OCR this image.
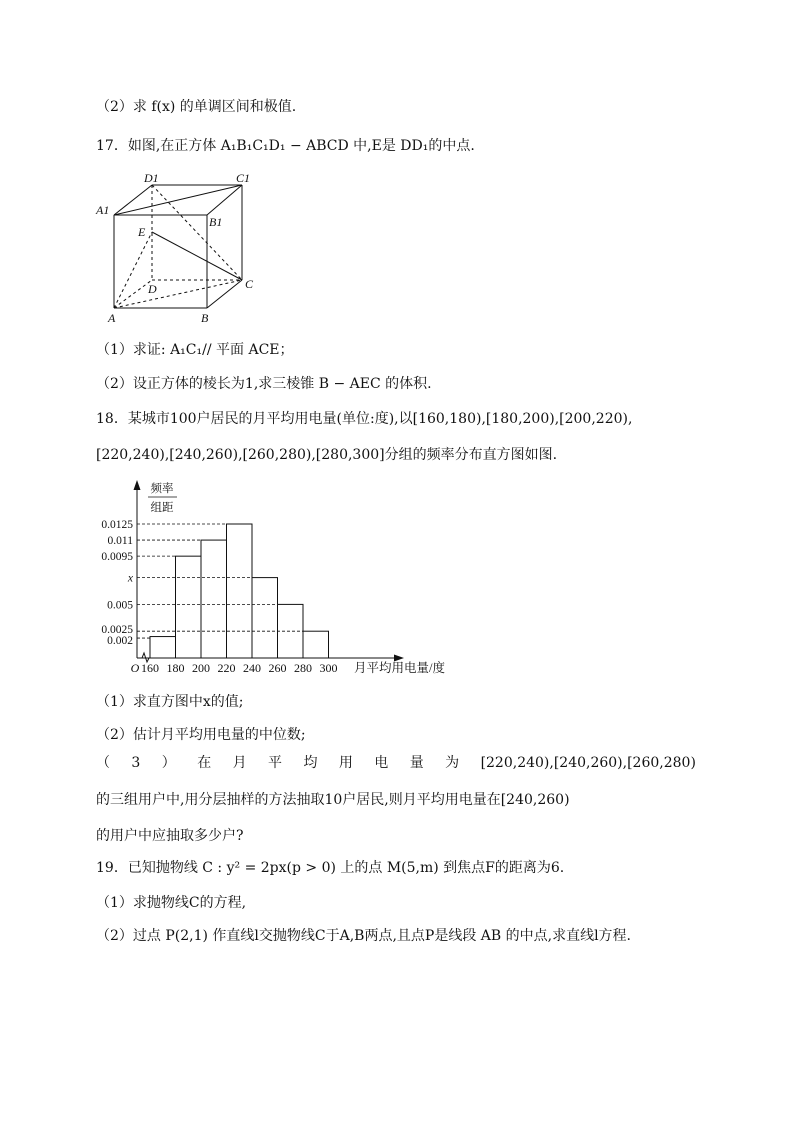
（2）求 f(x) 的单调区间和极值.
17．如图,在正方体 A₁B₁C₁D₁ − ABCD 中,E是 DD₁的中点.
D1	C1
A1
B1
E
D	C
A	B
（1）求证: A₁C₁// 平面 ACE；
（2）设正方体的棱长为1,求三棱锥 B − AEC 的体积.
18．某城市100户居民的月平均用电量(单位:度),以[160,180),[180,200),[200,220),
[220,240),[240,260),[260,280),[280,300]分组的频率分布直方图如图.
0.0125
0.011
0.0095
x
0.005
0.0025
0.002
160 180 200 220 240 260 280 300
O	月平均用电量/度
频率
组距
（1）求直方图中x的值;
（2）估计月平均用电量的中位数;
（ 3 ） 在 月 平 均 用 电 量 为 [220,240),[240,260),[260,280)
的三组用户中,用分层抽样的方法抽取10户居民,则月平均用电量在[240,260)
的用户中应抽取多少户?
19．已知抛物线 C : y² = 2px(p > 0) 上的点 M(5,m) 到焦点F的距离为6.
（1）求抛物线C的方程,
（2）过点 P(2,1) 作直线l交抛物线C于A,B两点,且点P是线段 AB 的中点,求直线l方程.
